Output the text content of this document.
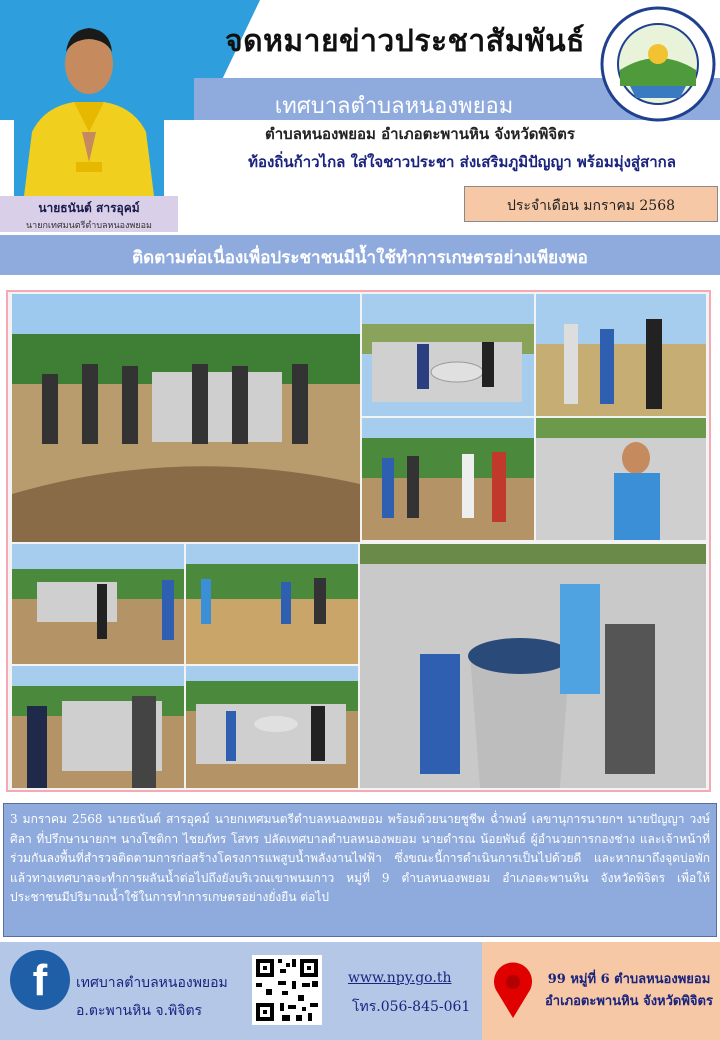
นายธนันต์ สารอุคม์
นายกเทศมนตรีตำบลหนองพยอม
จดหมายข่าวประชาสัมพันธ์
เทศบาลตำบลหนองพยอม
ตำบลหนองพยอม อำเภอตะพานหิน จังหวัดพิจิตร
ท้องถิ่นก้าวไกล ใส่ใจชาวประชา ส่งเสริมภูมิปัญญา พร้อมมุ่งสู่สากล
ประจำเดือน มกราคม 2568
ติดตามต่อเนื่องเพื่อประชาชนมีน้ำใช้ทำการเกษตรอย่างเพียงพอ
3 มกราคม 2568 นายธนันต์ สารอุคม์ นายกเทศมนตรีตำบลหนองพยอม พร้อมด้วยนายชูชีพ ฉ่ำพงษ์ เลขานุการนายกฯ นายปัญญา วงษ์ศิลา ที่ปรึกษานายกฯ นางโชติกา ไชยภัทร โสทร ปลัดเทศบาลตำบลหนองพยอม นายดำรณ น้อยพันธ์ ผู้อำนวยการกองช่าง และเจ้าหน้าที่ ร่วมกันลงพื้นที่สำรวจติดตามการก่อสร้างโครงการแพสูบน้ำพลังงานไฟฟ้า ซึ่งขณะนี้การดำเนินการเป็นไปด้วยดี และหากมาถึงจุดบ่อพักแล้วทางเทศบาลจะทำการผลันน้ำต่อไปถึงยังบริเวณเขาพนมกาว หมู่ที่ 9 ตำบลหนองพยอม อำเภอตะพานหิน จังหวัดพิจิตร เพื่อให้ประชาชนมีปริมาณน้ำใช้ในการทำการเกษตรอย่างยั่งยืน ต่อไป
f	เทศบาลตำบลหนองพยอม
อ.ตะพานหิน จ.พิจิตร
www.npy.go.th
โทร.056-845-061
99 หมู่ที่ 6 ตำบลหนองพยอม
อำเภอตะพานหิน จังหวัดพิจิตร
